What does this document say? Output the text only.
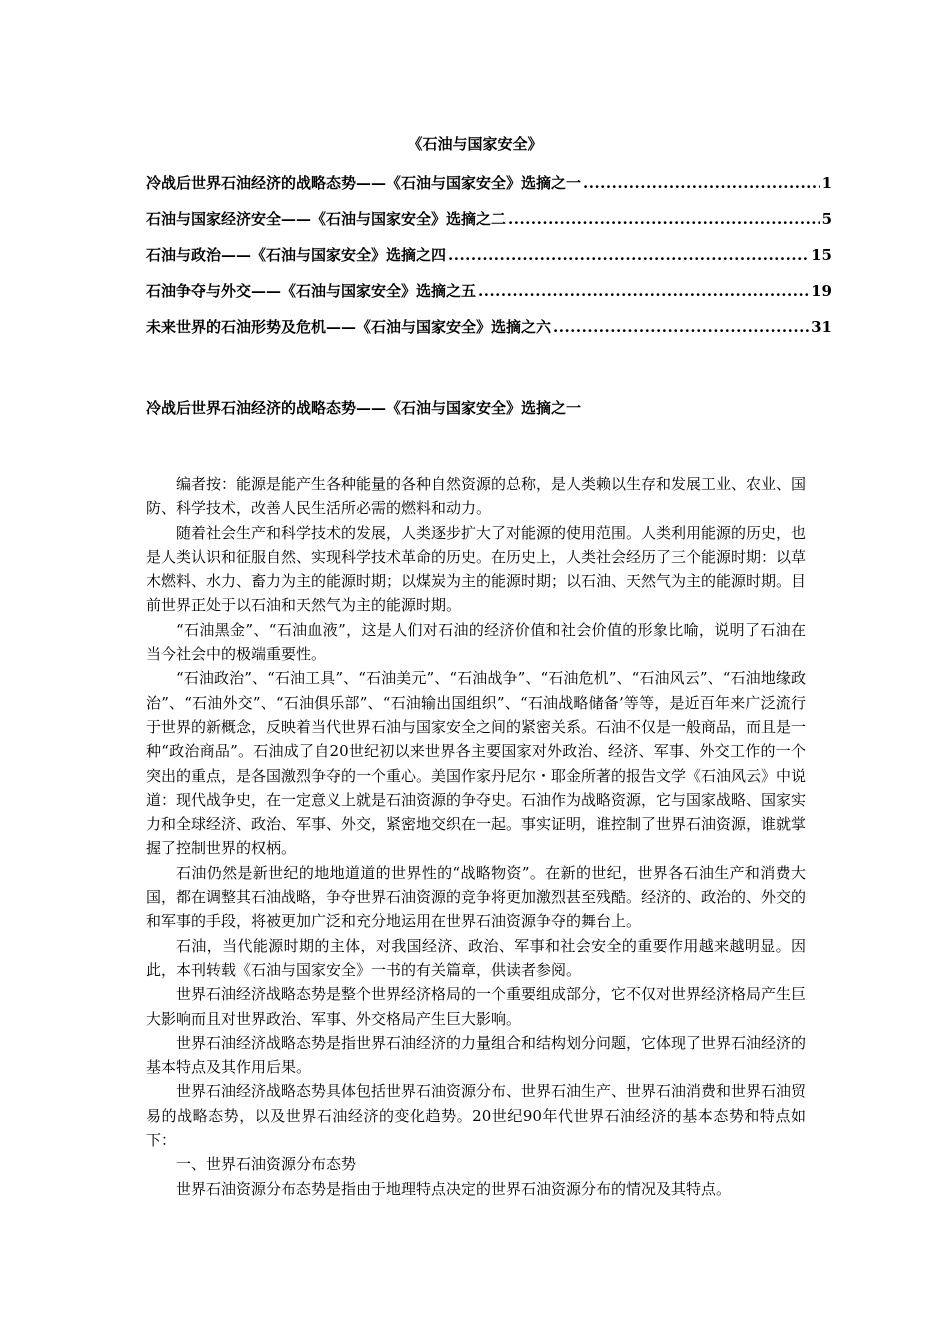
《石油与国家安全》
冷战后世界石油经济的战略态势——《石油与国家安全》选摘之一 .....	1
石油与国家经济安全——《石油与国家安全》选摘之二 .....	5
石油与政治——《石油与国家安全》选摘之四 .....	15
石油争夺与外交——《石油与国家安全》选摘之五 .....	19
未来世界的石油形势及危机——《石油与国家安全》选摘之六 .....	31
冷战后世界石油经济的战略态势——《石油与国家安全》选摘之一

编者按：能源是能产生各种能量的各种自然资源的总称，是人类赖以生存和发展工业、农业、国防、科学技术，改善人民生活所必需的燃料和动力。

随着社会生产和科学技术的发展，人类逐步扩大了对能源的使用范围。人类利用能源的历史，也是人类认识和征服自然、实现科学技术革命的历史。在历史上，人类社会经历了三个能源时期：以草木燃料、水力、畜力为主的能源时期；以煤炭为主的能源时期；以石油、天然气为主的能源时期。目前世界正处于以石油和天然气为主的能源时期。

“石油黑金”、“石油血液”，这是人们对石油的经济价值和社会价值的形象比喻，说明了石油在当今社会中的极端重要性。

“石油政治”、“石油工具”、“石油美元”、“石油战争”、“石油危机”、“石油风云”、“石油地缘政治”、“石油外交”、“石油俱乐部”、“石油输出国组织”、“石油战略储备’等等，是近百年来广泛流行于世界的新概念，反映着当代世界石油与国家安全之间的紧密关系。石油不仅是一般商品，而且是一种“政治商品”。石油成了自20世纪初以来世界各主要国家对外政治、经济、军事、外交工作的一个突出的重点，是各国激烈争夺的一个重心。美国作家丹尼尔・耶金所著的报告文学《石油风云》中说道：现代战争史，在一定意义上就是石油资源的争夺史。石油作为战略资源，它与国家战略、国家实力和全球经济、政治、军事、外交，紧密地交织在一起。事实证明，谁控制了世界石油资源，谁就掌握了控制世界的权柄。

石油仍然是新世纪的地地道道的世界性的“战略物资”。在新的世纪，世界各石油生产和消费大国，都在调整其石油战略，争夺世界石油资源的竞争将更加激烈甚至残酷。经济的、政治的、外交的和军事的手段，将被更加广泛和充分地运用在世界石油资源争夺的舞台上。

石油，当代能源时期的主体，对我国经济、政治、军事和社会安全的重要作用越来越明显。因此，本刊转载《石油与国家安全》一书的有关篇章，供读者参阅。

世界石油经济战略态势是整个世界经济格局的一个重要组成部分，它不仅对世界经济格局产生巨大影响而且对世界政治、军事、外交格局产生巨大影响。

世界石油经济战略态势是指世界石油经济的力量组合和结构划分问题，它体现了世界石油经济的基本特点及其作用后果。

世界石油经济战略态势具体包括世界石油资源分布、世界石油生产、世界石油消费和世界石油贸易的战略态势，以及世界石油经济的变化趋势。20世纪90年代世界石油经济的基本态势和特点如下：

一、世界石油资源分布态势

世界石油资源分布态势是指由于地理特点决定的世界石油资源分布的情况及其特点。
